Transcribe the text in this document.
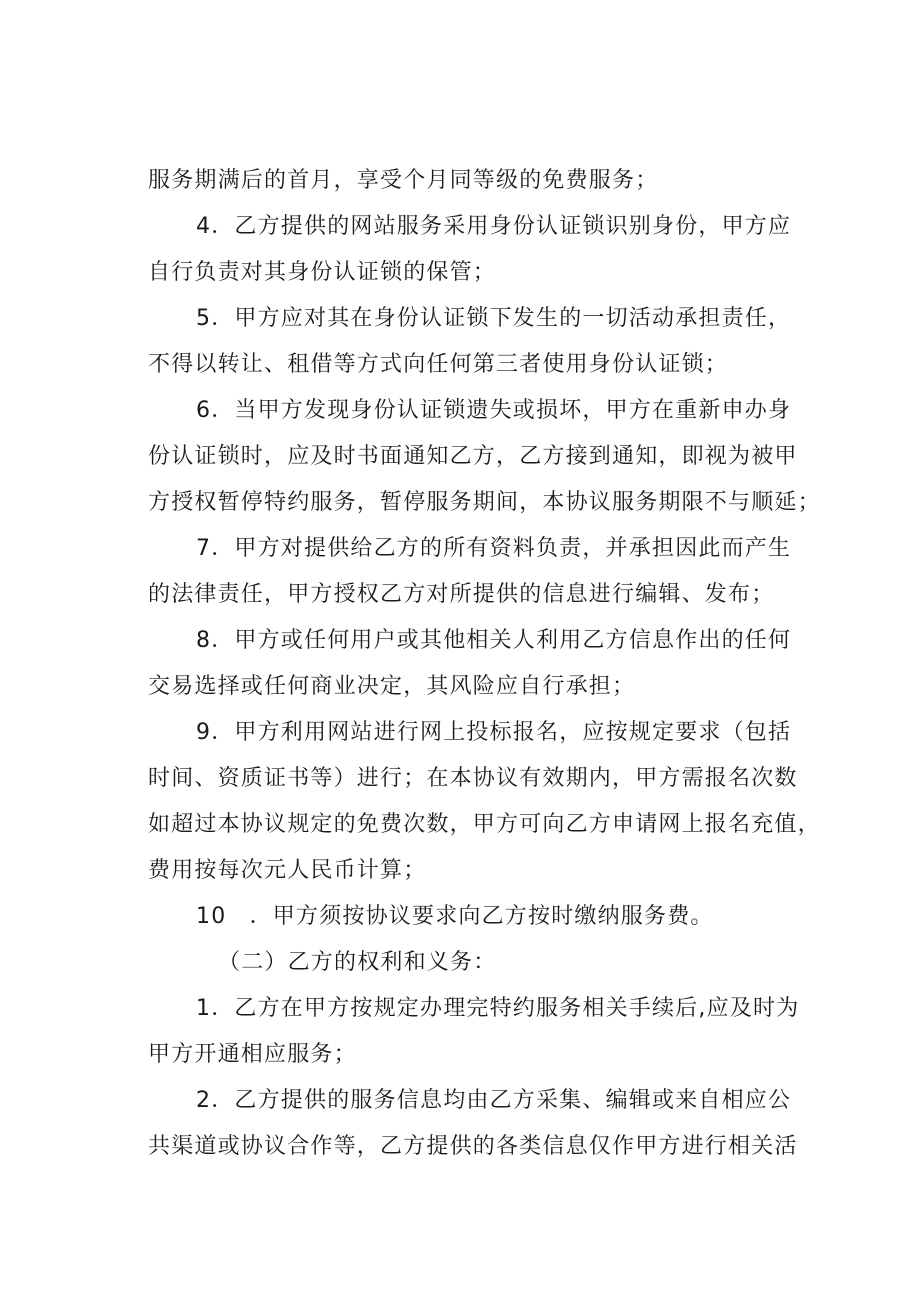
服务期满后的首月，享受个月同等级的免费服务；
4．乙方提供的网站服务采用身份认证锁识别身份，甲方应
自行负责对其身份认证锁的保管；
5．甲方应对其在身份认证锁下发生的一切活动承担责任，
不得以转让、租借等方式向任何第三者使用身份认证锁；
6．当甲方发现身份认证锁遗失或损坏，甲方在重新申办身
份认证锁时，应及时书面通知乙方，乙方接到通知，即视为被甲
方授权暂停特约服务，暂停服务期间，本协议服务期限不与顺延；
7．甲方对提供给乙方的所有资料负责，并承担因此而产生
的法律责任，甲方授权乙方对所提供的信息进行编辑、发布；
8．甲方或任何用户或其他相关人利用乙方信息作出的任何
交易选择或任何商业决定，其风险应自行承担；
9．甲方利用网站进行网上投标报名，应按规定要求（包括
时间、资质证书等）进行；在本协议有效期内，甲方需报名次数
如超过本协议规定的免费次数，甲方可向乙方申请网上报名充值，
费用按每次元人民币计算；
10　．甲方须按协议要求向乙方按时缴纳服务费。
（二）乙方的权利和义务：
1．乙方在甲方按规定办理完特约服务相关手续后,应及时为
甲方开通相应服务；
2．乙方提供的服务信息均由乙方采集、编辑或来自相应公
共渠道或协议合作等，乙方提供的各类信息仅作甲方进行相关活
